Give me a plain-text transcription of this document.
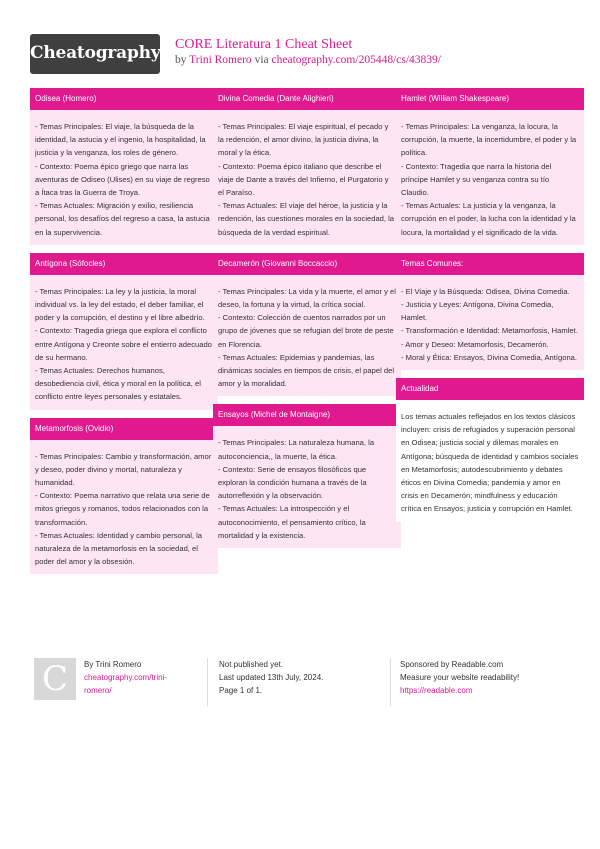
Cheatography CORE Literatura 1 Cheat Sheet
by Trini Romero via cheatography.com/205448/cs/43839/
Odisea (Homero)

- Temas Principales: El viaje, la búsqueda de la identidad, la astucia y el ingenio, la hospitalidad, la justicia y la venganza, los roles de género.

- Contexto: Poema épico griego que narra las aventuras de Odiseo (Ulises) en su viaje de regreso a Ítaca tras la Guerra de Troya.

- Temas Actuales: Migración y exilio, resiliencia personal, los desafíos del regreso a casa, la astucia en la supervivencia.

Antígona (Sófocles)

- Temas Principales: La ley y la justicia, la moral individual vs. la ley del estado, el deber familiar, el poder y la corrupción, el destino y el libre albedrío.

- Contexto: Tragedia griega que explora el conflicto entre Antígona y Creonte sobre el entierro adecuado de su hermano.

- Temas Actuales: Derechos humanos, desobediencia civil, ética y moral en la política, el conflicto entre leyes personales y estatales.

Metamorfosis (Ovidio)

- Temas Principales: Cambio y transformación, amor y deseo, poder divino y mortal, naturaleza y humanidad.

- Contexto: Poema narrativo que relata una serie de mitos griegos y romanos, todos relacionados con la transformación.

- Temas Actuales: Identidad y cambio personal, la naturaleza de la metamorfosis en la sociedad, el poder del amor y la obsesión.

Divina Comedia (Dante Alighieri)

- Temas Principales: El viaje espiritual, el pecado y la redención, el amor divino, la justicia divina, la moral y la ética.

- Contexto: Poema épico italiano que describe el viaje de Dante a través del Infierno, el Purgatorio y el Paraíso.

- Temas Actuales: El viaje del héroe, la justicia y la redención, las cuestiones morales en la sociedad, la búsqueda de la verdad espiritual.

Decamerón (Giovanni Boccaccio)

- Temas Principales: La vida y la muerte, el amor y el deseo, la fortuna y la virtud, la crítica social.

- Contexto: Colección de cuentos narrados por un grupo de jóvenes que se refugian del brote de peste en Florencia.

- Temas Actuales: Epidemias y pandemias, las dinámicas sociales en tiempos de crisis, el papel del amor y la moralidad.

Ensayos (Michel de Montaigne)

- Temas Principales: La naturaleza humana, la autoconciencia,, la muerte, la ética.

- Contexto: Serie de ensayos filosóficos que exploran la condición humana a través de la autorreflexión y la observación.

- Temas Actuales: La introspección y el autoconocimiento, el pensamiento crítico, la mortalidad y la existencia.

Hamlet (William Shakespeare)

- Temas Principales: La venganza, la locura, la corrupción, la muerte, la incertidumbre, el poder y la política.

- Contexto: Tragedia que narra la historia del príncipe Hamlet y su venganza contra su tío Claudio.

- Temas Actuales: La justicia y la venganza, la corrupción en el poder, la lucha con la identidad y la locura, la mortalidad y el significado de la vida.

Temas Comunes:

- El Viaje y la Búsqueda: Odisea, Divina Comedia.

- Justicia y Leyes: Antígona, Divina Comedia, Hamlet.

- Transformación e Identidad: Metamorfosis, Hamlet.

- Amor y Deseo: Metamorfosis, Decamerón.

- Moral y Ética: Ensayos, Divina Comedia, Antígona.

Actualidad

Los temas actuales reflejados en los textos clásicos incluyen: crisis de refugiados y superación personal en Odisea; justicia social y dilemas morales en Antígona; búsqueda de identidad y cambios sociales en Metamorfosis; autodescubrimiento y debates éticos en Divina Comedia; pandemia y amor en crisis en Decamerón; mindfulness y educación crítica en Ensayos; justicia y corrupción en Hamlet.

C	By Trini Romero
cheatography.com/trini-
romero/
Not published yet.
Last updated 13th July, 2024.
Page 1 of 1.
Sponsored by Readable.com
Measure your website readability!
https://readable.com
